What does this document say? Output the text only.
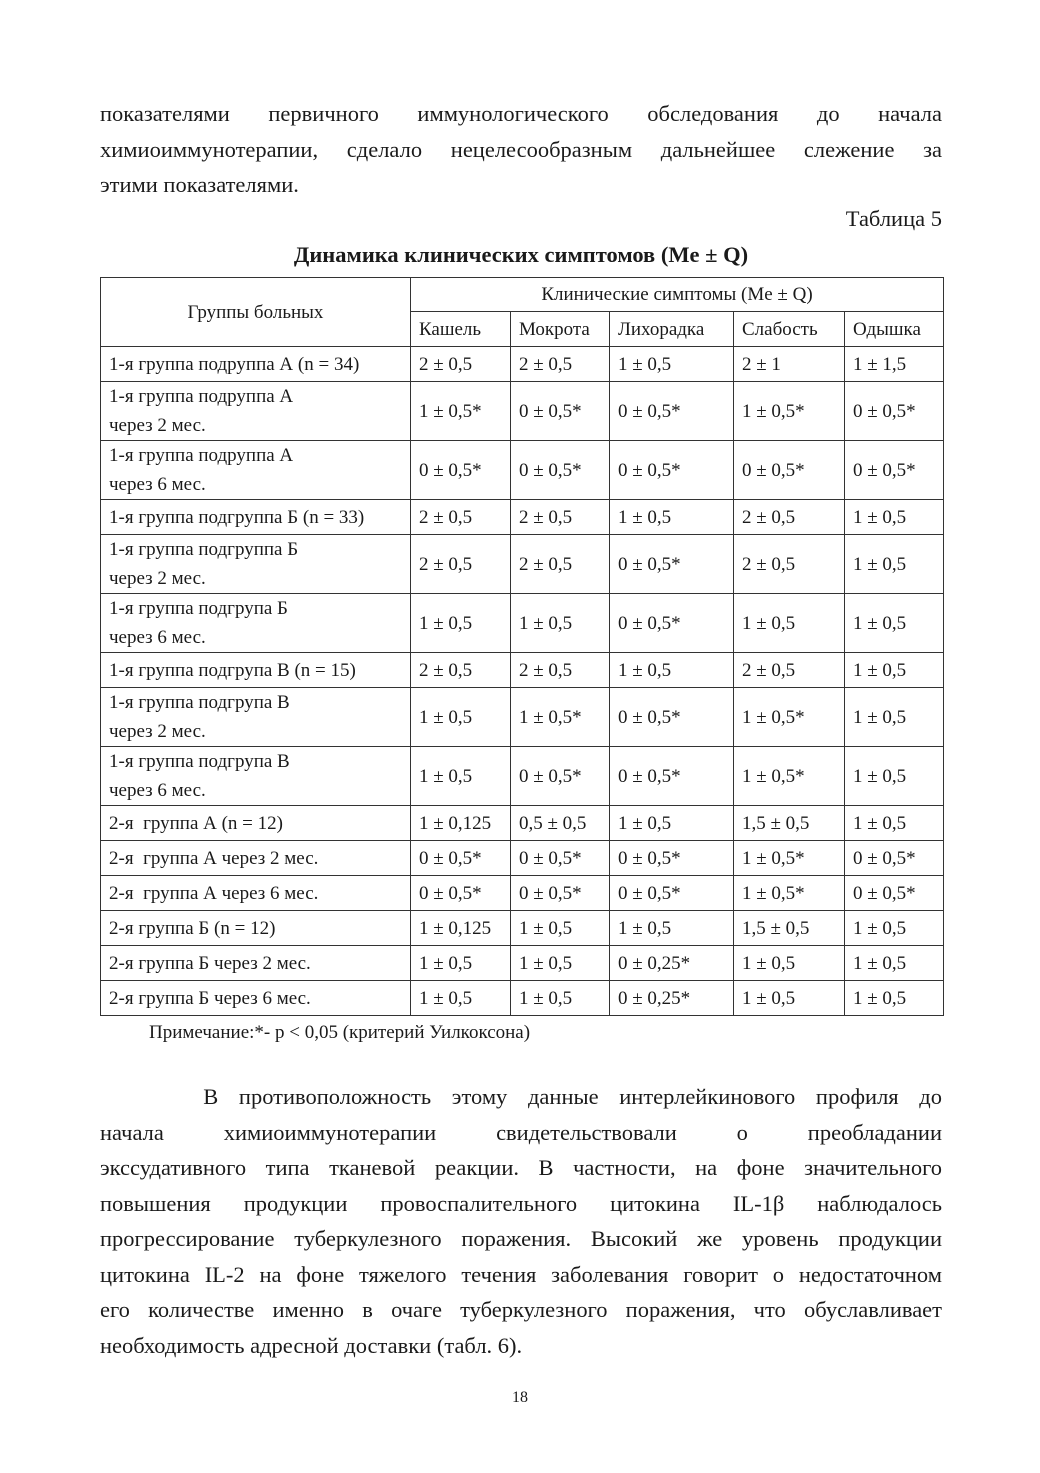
показателями первичного иммунологического обследования до начала
химиоиммунотерапии, сделало нецелесообразным дальнейшее слежение за
этими показателями.
Таблица 5
Динамика клинических симптомов (Me ± Q)
Группы больных	Клинические симптомы (Me ± Q)				
	Кашель	Мокрота	Лихорадка	Слабость	Одышка
1-я группа подруппа А (n = 34)	2 ± 0,5	2 ± 0,5	1 ± 0,5	2 ± 1	1 ± 1,5
1-я группа подруппа А
через 2 мес.	1 ± 0,5*	0 ± 0,5*	0 ± 0,5*	1 ± 0,5*	0 ± 0,5*
1-я группа подруппа А
через 6 мес.	0 ± 0,5*	0 ± 0,5*	0 ± 0,5*	0 ± 0,5*	0 ± 0,5*
1-я группа подгруппа Б (n = 33)	2 ± 0,5	2 ± 0,5	1 ± 0,5	2 ± 0,5	1 ± 0,5
1-я группа подгруппа Б
через 2 мес.	2 ± 0,5	2 ± 0,5	0 ± 0,5*	2 ± 0,5	1 ± 0,5
1-я группа подгрупа Б
через 6 мес.	1 ± 0,5	1 ± 0,5	0 ± 0,5*	1 ± 0,5	1 ± 0,5
1-я группа подгрупа В (n = 15)	2 ± 0,5	2 ± 0,5	1 ± 0,5	2 ± 0,5	1 ± 0,5
1-я группа подгрупа В
через 2 мес.	1 ± 0,5	1 ± 0,5*	0 ± 0,5*	1 ± 0,5*	1 ± 0,5
1-я группа подгрупа В
через 6 мес.	1 ± 0,5	0 ± 0,5*	0 ± 0,5*	1 ± 0,5*	1 ± 0,5
2-я  группа А (n = 12)	1 ± 0,125	0,5 ± 0,5	1 ± 0,5	1,5 ± 0,5	1 ± 0,5
2-я  группа А через 2 мес.	0 ± 0,5*	0 ± 0,5*	0 ± 0,5*	1 ± 0,5*	0 ± 0,5*
2-я  группа А через 6 мес.	0 ± 0,5*	0 ± 0,5*	0 ± 0,5*	1 ± 0,5*	0 ± 0,5*
2-я группа Б (n = 12)	1 ± 0,125	1 ± 0,5	1 ± 0,5	1,5 ± 0,5	1 ± 0,5
2-я группа Б через 2 мес.	1 ± 0,5	1 ± 0,5	0 ± 0,25*	1 ± 0,5	1 ± 0,5
2-я группа Б через 6 мес.	1 ± 0,5	1 ± 0,5	0 ± 0,25*	1 ± 0,5	1 ± 0,5
Примечание:*- p < 0,05 (критерий Уилкоксона)
В противоположность этому данные интерлейкинового профиля до
начала химиоиммунотерапии свидетельствовали о преобладании
экссудативного типа тканевой реакции. В частности, на фоне значительного
повышения продукции провоспалительного цитокина IL-1β наблюдалось
прогрессирование туберкулезного поражения. Высокий же уровень продукции
цитокина IL-2 на фоне тяжелого течения заболевания говорит о недостаточном
его количестве именно в очаге туберкулезного поражения, что обуславливает
необходимость адресной доставки (табл. 6).
18
